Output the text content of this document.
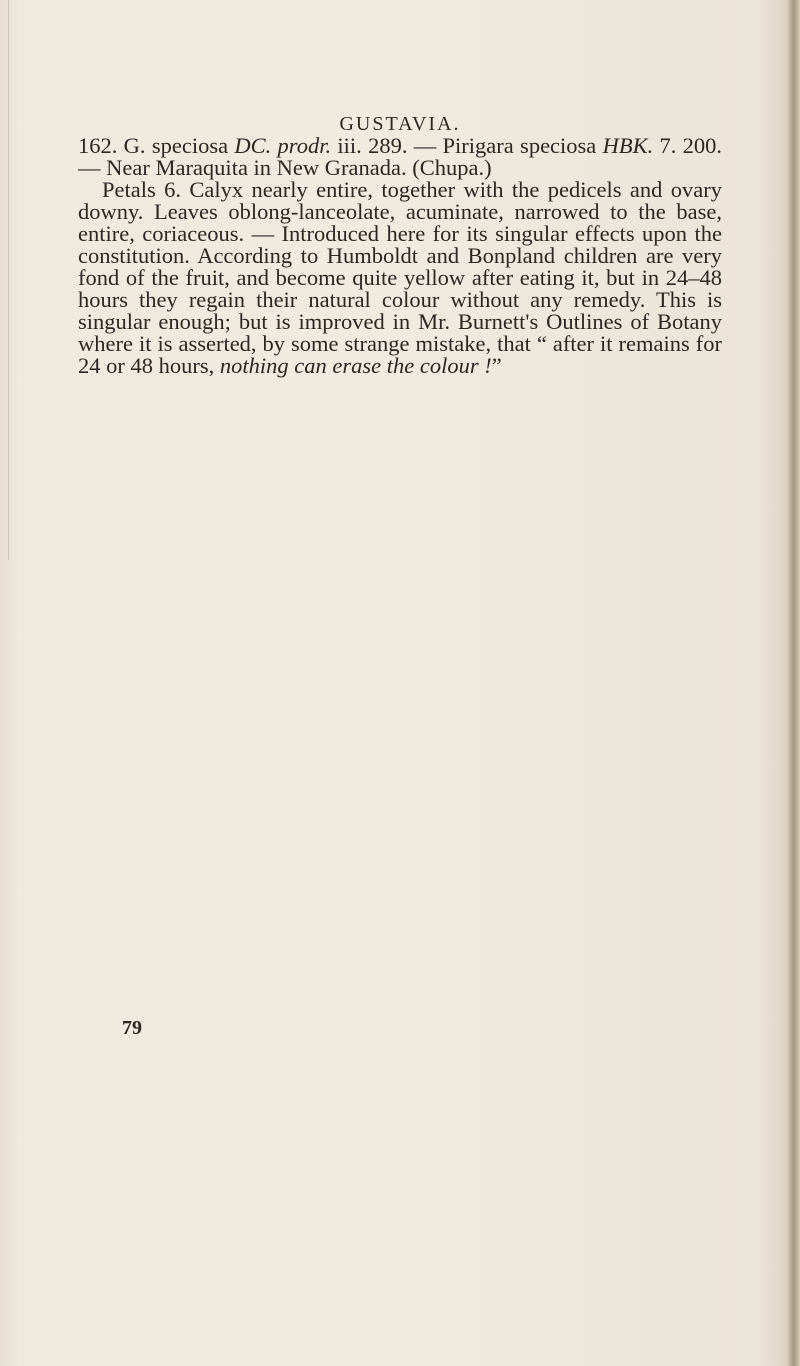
GUSTAVIA.

162. G. speciosa DC. prodr. iii. 289. — Pirigara speciosa HBK. 7. 200. — Near Maraquita in New Granada. (Chupa.)

Petals 6. Calyx nearly entire, together with the pedicels and ovary downy. Leaves oblong-lanceolate, acuminate, narrowed to the base, entire, coriaceous. — Introduced here for its singular effects upon the constitution. According to Humboldt and Bonpland children are very fond of the fruit, and become quite yellow after eating it, but in 24–48 hours they regain their natural colour without any remedy. This is singular enough; but is improved in Mr. Burnett's Outlines of Botany where it is asserted, by some strange mistake, that “ after it remains for 24 or 48 hours, nothing can erase the colour !”

79
